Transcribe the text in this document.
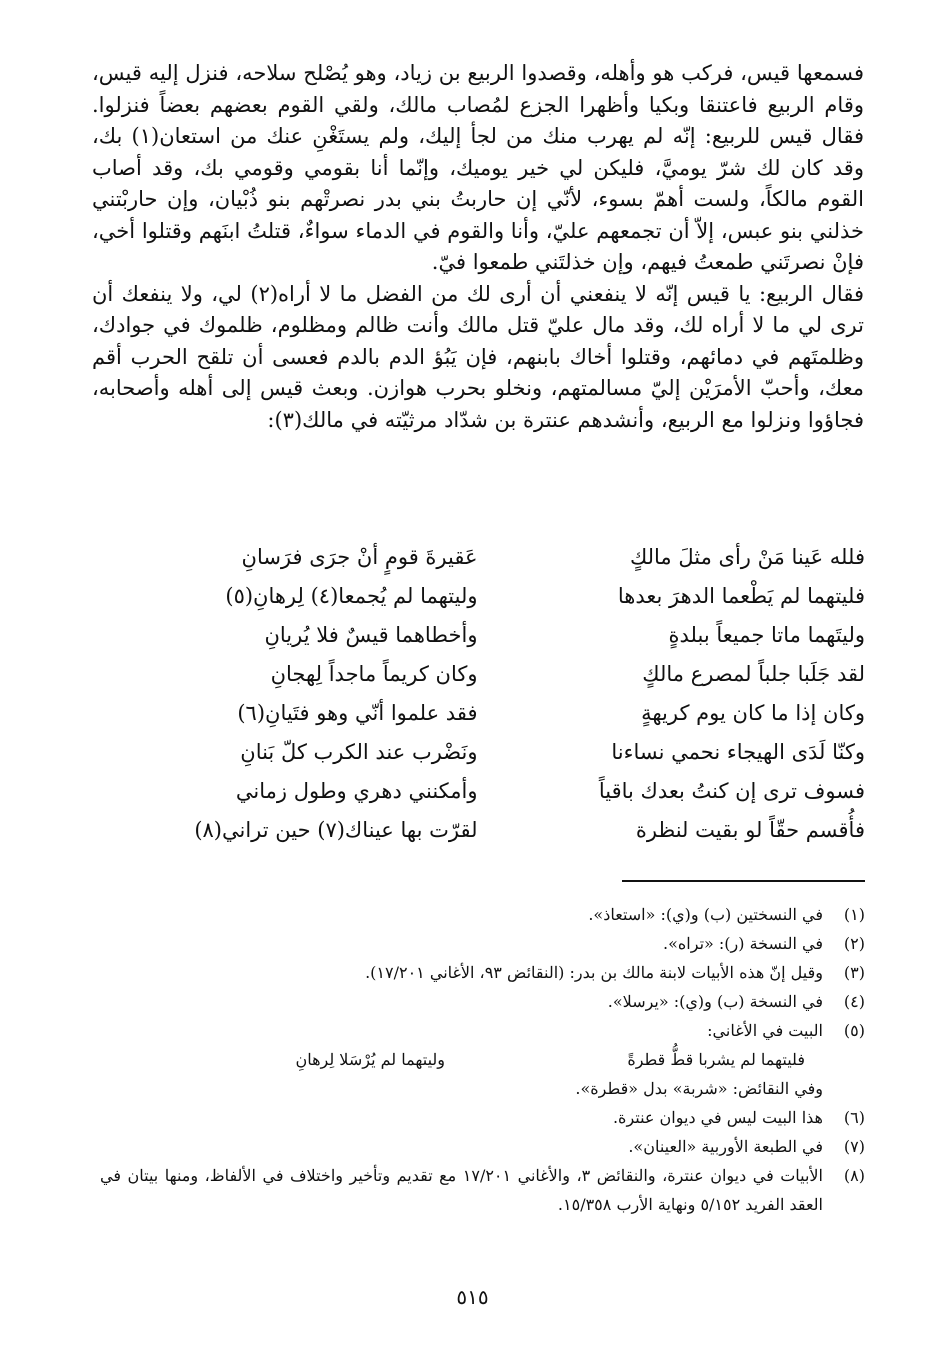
فسمعها قيس، فركب هو وأهله، وقصدوا الربيع بن زياد، وهو يُصْلح سلاحه، فنزل إليه قيس، وقام الربيع فاعتنقا وبكيا وأظهرا الجزع لمُصاب مالك، ولقي القوم بعضهم بعضاً فنزلوا. فقال قيس للربيع: إنّه لم يهرب منك من لجأ إليك، ولم يستَغْنِ عنك من استعان(١) بك، وقد كان لك شرّ يوميَّ، فليكن لي خير يوميك، وإنّما أنا بقومي وقومي بك، وقد أصاب القوم مالكاً، ولست أهمّ بسوء، لأنّي إن حاربتُ بني بدر نصرتْهم بنو ذُبْيان، وإن حاربْتني خذلني بنو عبس، إلاّ أن تجمعهم عليّ، وأنا والقوم في الدماء سواءٌ، قتلتُ ابنَهم وقتلوا أخي، فإنْ نصرتَني طمعتُ فيهم، وإن خذلتَني طمعوا فيّ.

فقال الربيع: يا قيس إنّه لا ينفعني أن أرى لك من الفضل ما لا أراه(٢) لي، ولا ينفعك أن ترى لي ما لا أراه لك، وقد مال عليّ قتل مالك وأنت ظالم ومظلوم، ظلموك في جوادك، وظلمتَهم في دمائهم، وقتلوا أخاك بابنهم، فإن يَبُؤ الدم بالدم فعسى أن تلقح الحرب أقم معك، وأحبّ الأمرَيْن إليّ مسالمتهم، ونخلو بحرب هوازن. وبعث قيس إلى أهله وأصحابه، فجاؤوا ونزلوا مع الربيع، وأنشدهم عنترة بن شدّاد مرثيّته في مالك(٣):

فلله عَينا مَنْ رأى مثلَ مالكٍ
عَقيرةَ قومٍ أنْ جرَى فرَسانِ
فليتهما لم يَطْعما الدهرَ بعدها
وليتهما لم يُجمعا(٤) لِرهانِ(٥)
وليتَهما ماتا جميعاً ببلدةٍ
وأخطاهما قيسٌ فلا يُريانِ
لقد جَلَبا جلباً لمصرع مالكٍ
وكان كريماً ماجداً لِهجانِ
وكان إذا ما كان يوم كريهةٍ
فقد علموا أنّي وهو فتَيانِ(٦)
وكنّا لَدَى الهيجاء نحمي نساءنا
ونَضْرب عند الكرب كلّ بَنانِ
فسوف ترى إن كنتُ بعدك باقياً
وأمكنني دهري وطول زماني
فأُقسم حقّاً لو بقيت لنظرة
لقرّت بها عيناك(٧) حين تراني(٨)
(١)
في النسختين (ب) و(ي): «استعاذ».
(٢)
في النسخة (ر): «تراه».
(٣)
وقيل إنّ هذه الأبيات لابنة مالك بن بدر: (النقائض ٩٣، الأغاني ١٧/٢٠١).
(٤)
في النسخة (ب) و(ي): «يرسلا».
(٥)
البيت في الأغاني:
فليتهما لم يشربا قطُّ قطرةً
وليتهما لم يُرْسَلا لِرهانِ
وفي النقائض: «شربة» بدل «قطرة».
(٦)
هذا البيت ليس في ديوان عنترة.
(٧)
في الطبعة الأوربية «العينان».
(٨)
الأبيات في ديوان عنترة، والنقائض ٣، والأغاني ١٧/٢٠١ مع تقديم وتأخير واختلاف في الألفاظ، ومنها بيتان في العقد الفريد ٥/١٥٢ ونهاية الأرب ١٥/٣٥٨.
٥١٥
